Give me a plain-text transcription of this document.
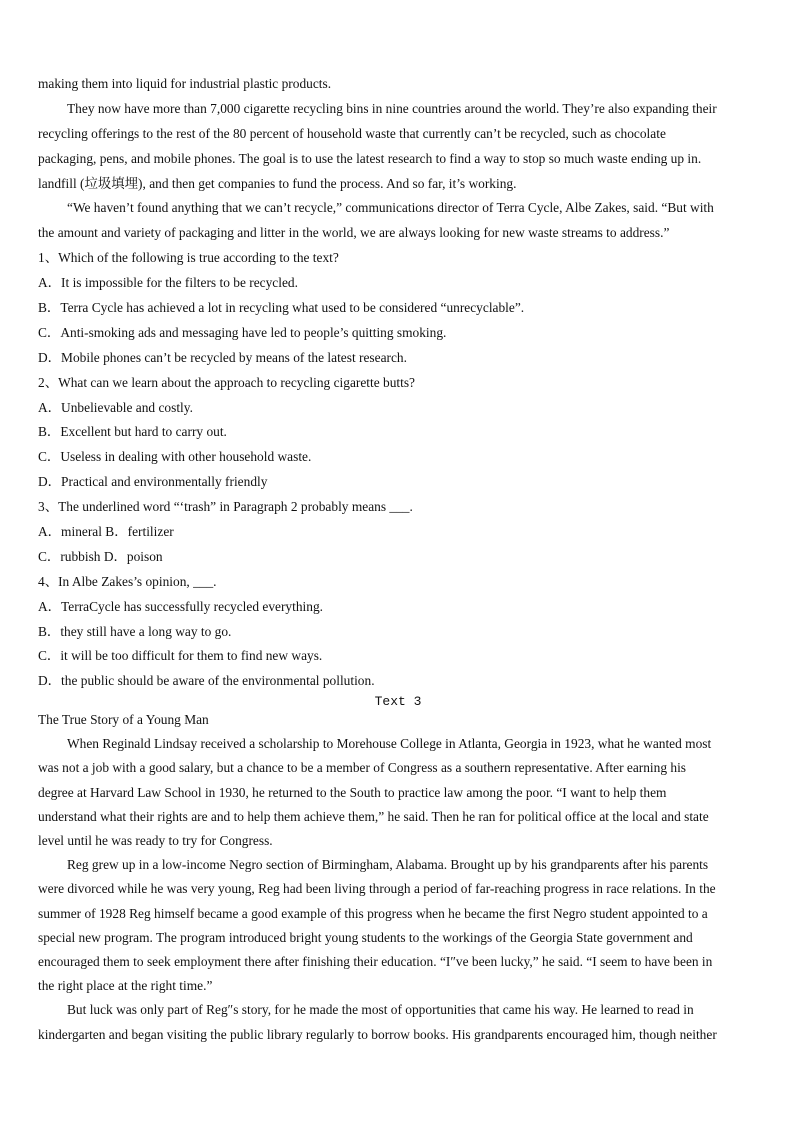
making them into liquid for industrial plastic products.
They now have more than 7,000 cigarette recycling bins in nine countries around the world. They’re also expanding their
recycling offerings to the rest of the 80 percent of household waste that currently can’t be recycled, such as chocolate
packaging, pens, and mobile phones. The goal is to use the latest research to find a way to stop so much waste ending up in.
landfill (垃圾填埋), and then get companies to fund the process. And so far, it’s working.
“We haven’t found anything that we can’t recycle,” communications director of Terra Cycle, Albe Zakes, said. “But with
the amount and variety of packaging and litter in the world, we are always looking for new waste streams to address.”
1、Which of the following is true according to the text?
A．It is impossible for the filters to be recycled.
B．Terra Cycle has achieved a lot in recycling what used to be considered “unrecyclable”.
C．Anti-smoking ads and messaging have led to people’s quitting smoking.
D．Mobile phones can’t be recycled by means of the latest research.
2、What can we learn about the approach to recycling cigarette butts?
A．Unbelievable and costly.
B．Excellent but hard to carry out.
C．Useless in dealing with other household waste.
D．Practical and environmentally friendly
3、The underlined word “‘trash” in Paragraph 2 probably means ___.
A．mineral B．fertilizer
C．rubbish D．poison
4、In Albe Zakes’s opinion, ___.
A．TerraCycle has successfully recycled everything.
B．they still have a long way to go.
C．it will be too difficult for them to find new ways.
D．the public should be aware of the environmental pollution.
Text 3
The True Story of a Young Man
When Reginald Lindsay received a scholarship to Morehouse College in Atlanta, Georgia in 1923, what he wanted most
was not a job with a good salary, but a chance to be a member of Congress as a southern representative. After earning his
degree at Harvard Law School in 1930, he returned to the South to practice law among the poor. “I want to help them
understand what their rights are and to help them achieve them,” he said. Then he ran for political office at the local and state
level until he was ready to try for Congress.
Reg grew up in a low-income Negro section of Birmingham, Alabama. Brought up by his grandparents after his parents
were divorced while he was very young, Reg had been living through a period of far-reaching progress in race relations. In the
summer of 1928 Reg himself became a good example of this progress when he became the first Negro student appointed to a
special new program. The program introduced bright young students to the workings of the Georgia State government and
encouraged them to seek employment there after finishing their education. “I″ve been lucky,” he said. “I seem to have been in
the right place at the right time.”
But luck was only part of Reg″s story, for he made the most of opportunities that came his way. He learned to read in
kindergarten and began visiting the public library regularly to borrow books. His grandparents encouraged him, though neither
